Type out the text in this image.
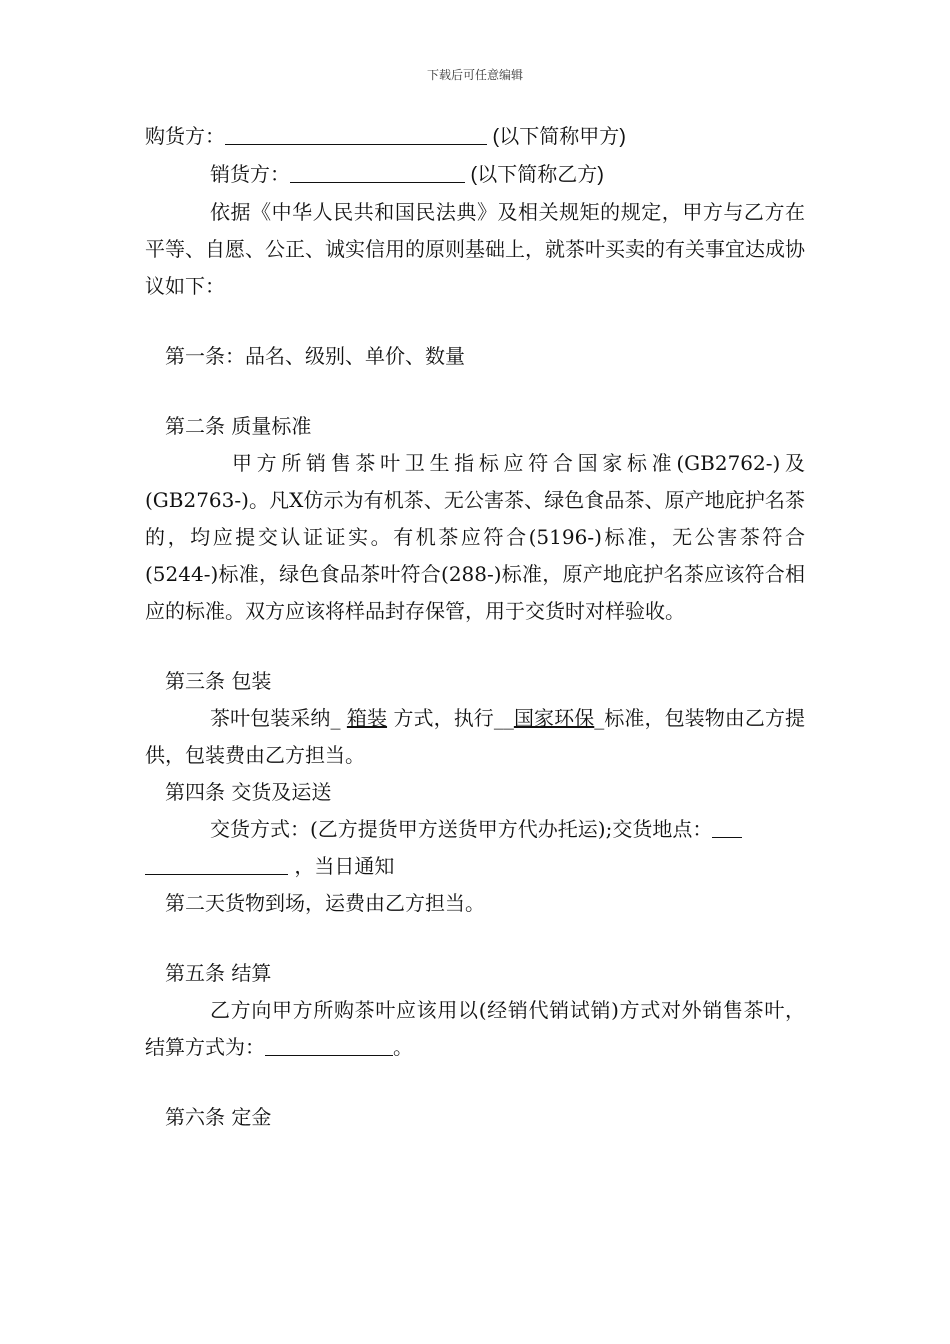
下载后可任意编辑

购货方：	(以下简称甲方)

销货方：	(以下简称乙方)

依据《中华人民共和国民法典》及相关规矩的规定，甲方与乙方在平等、自愿、公正、诚实信用的原则基础上，就茶叶买卖的有关事宜达成协议如下：

第一条：品名、级别、单价、数量

第二条 质量标准

甲方所销售茶叶卫生指标应符合国家标准(GB2762-)及(GB2763-)。凡X仿示为有机茶、无公害茶、绿色食品茶、原产地庇护名茶的，均应提交认证证实。有机茶应符合(5196-)标准，无公害茶符合(5244-)标准，绿色食品茶叶符合(288-)标准，原产地庇护名茶应该符合相应的标准。双方应该将样品封存保管，用于交货时对样验收。

第三条 包装

茶叶包装采纳_ 箱装 方式，执行__国家环保_标准，包装物由乙方提供，包装费由乙方担当。

第四条 交货及运送

交货方式：(乙方提货甲方送货甲方代办托运);交货地点：

，当日通知

第二天货物到场，运费由乙方担当。

第五条 结算

乙方向甲方所购茶叶应该用以(经销代销试销)方式对外销售茶叶，结算方式为：	。

第六条 定金
